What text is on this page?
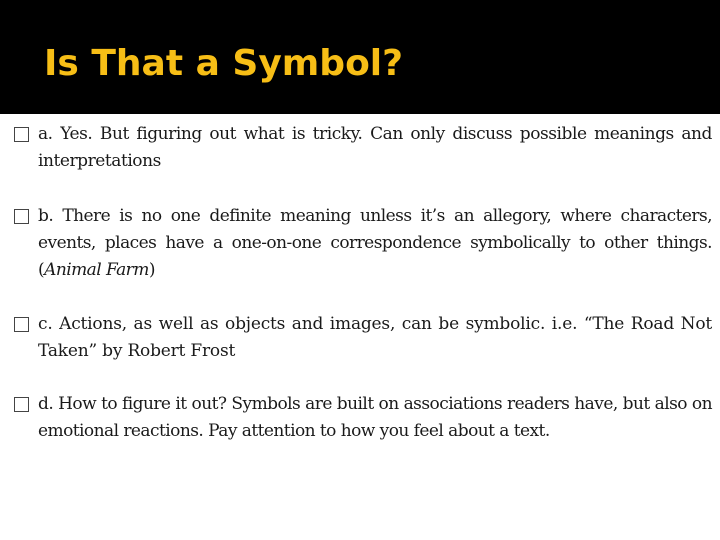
Is That a Symbol?

a. Yes. But figuring out what is tricky. Can only discuss possible meanings and interpretations

b. There is no one definite meaning unless it’s an allegory, where characters, events, places have a one-on-one correspondence symbolically to other things. (Animal Farm)

c. Actions, as well as objects and images, can be symbolic. i.e. “The Road Not Taken” by Robert Frost

d. How to figure it out? Symbols are built on associations readers have, but also on emotional reactions. Pay attention to how you feel about a text.
